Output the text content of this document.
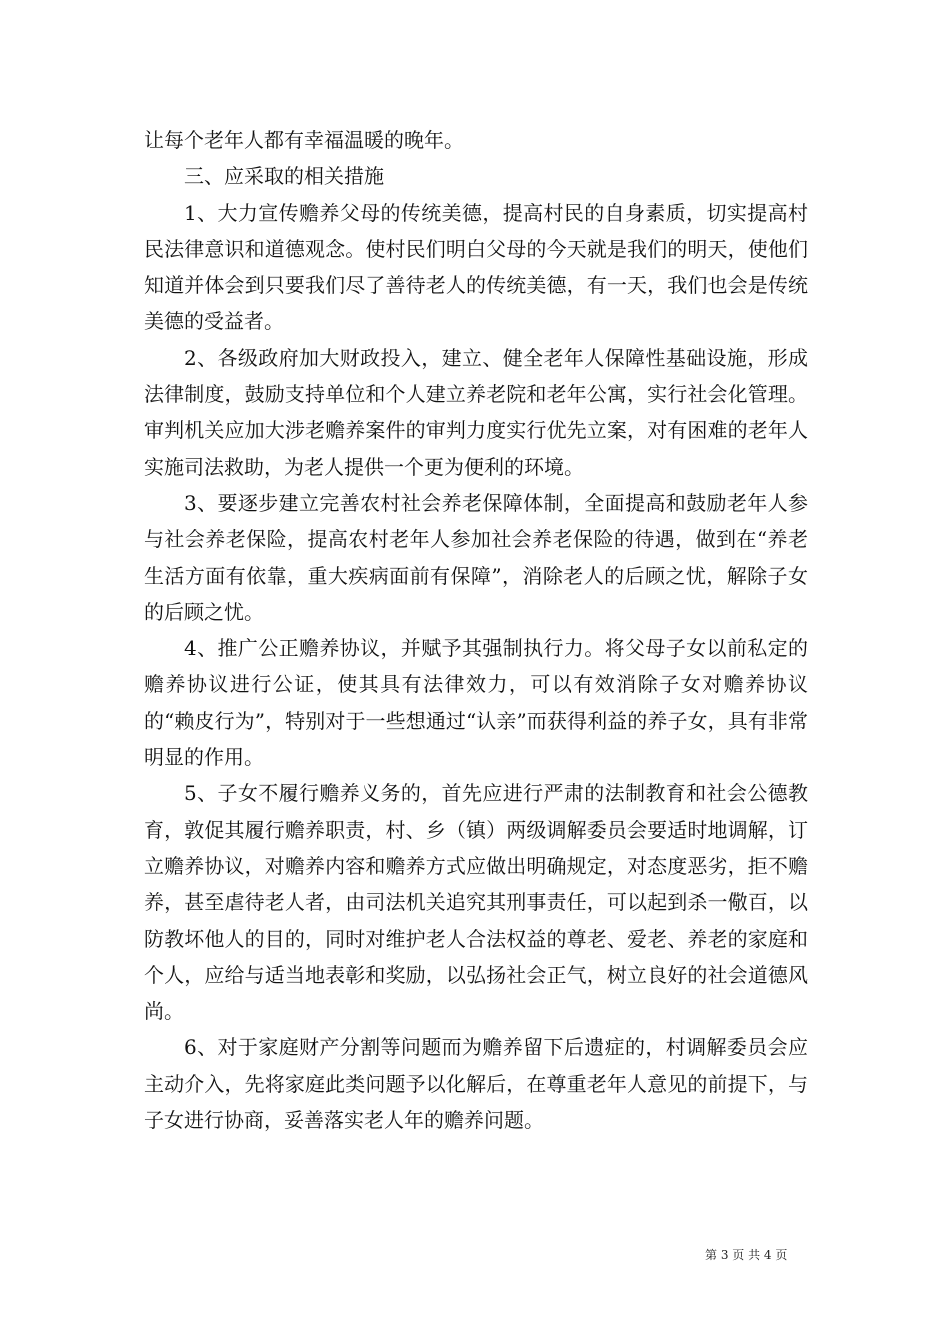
让每个老年人都有幸福温暖的晚年。

三、应采取的相关措施

1、大力宣传赡养父母的传统美德，提高村民的自身素质，切实提高村民法律意识和道德观念。使村民们明白父母的今天就是我们的明天，使他们知道并体会到只要我们尽了善待老人的传统美德，有一天，我们也会是传统美德的受益者。

2、各级政府加大财政投入，建立、健全老年人保障性基础设施，形成法律制度，鼓励支持单位和个人建立养老院和老年公寓，实行社会化管理。审判机关应加大涉老赡养案件的审判力度实行优先立案，对有困难的老年人实施司法救助，为老人提供一个更为便利的环境。

3、要逐步建立完善农村社会养老保障体制，全面提高和鼓励老年人参与社会养老保险，提高农村老年人参加社会养老保险的待遇，做到在“养老生活方面有依靠，重大疾病面前有保障”，消除老人的后顾之忧，解除子女的后顾之忧。

4、推广公正赡养协议，并赋予其强制执行力。将父母子女以前私定的赡养协议进行公证，使其具有法律效力，可以有效消除子女对赡养协议的“赖皮行为”，特别对于一些想通过“认亲”而获得利益的养子女，具有非常明显的作用。

5、子女不履行赡养义务的，首先应进行严肃的法制教育和社会公德教育，敦促其履行赡养职责，村、乡（镇）两级调解委员会要适时地调解，订立赡养协议，对赡养内容和赡养方式应做出明确规定，对态度恶劣，拒不赡养，甚至虐待老人者，由司法机关追究其刑事责任，可以起到杀一儆百，以防教坏他人的目的，同时对维护老人合法权益的尊老、爱老、养老的家庭和个人，应给与适当地表彰和奖励，以弘扬社会正气，树立良好的社会道德风尚。

6、对于家庭财产分割等问题而为赡养留下后遗症的，村调解委员会应主动介入，先将家庭此类问题予以化解后，在尊重老年人意见的前提下，与子女进行协商，妥善落实老人年的赡养问题。

第 3 页 共 4 页
